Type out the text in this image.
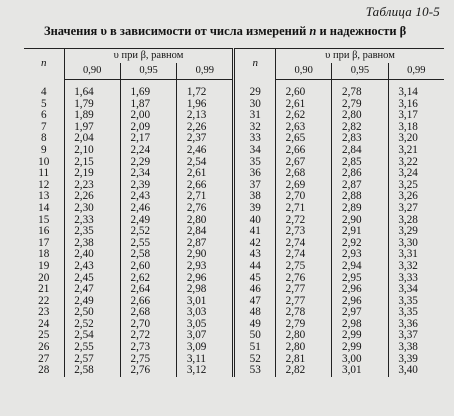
Таблица 10-5
Значения υ в зависимости от числа измерений n и надежности β
n	υ при β, равном			n	υ при β, равном		
	0,90	0,95	0,99		0,90	0,95	0,99

4	1,64	1,69	1,72	29	2,60	2,78	3,14
5	1,79	1,87	1,96	30	2,61	2,79	3,16
6	1,89	2,00	2,13	31	2,62	2,80	3,17
7	1,97	2,09	2,26	32	2,63	2,82	3,18
8	2,04	2,17	2,37	33	2,65	2,83	3,20
9	2,10	2,24	2,46	34	2,66	2,84	3,21
10	2,15	2,29	2,54	35	2,67	2,85	3,22
11	2,19	2,34	2,61	36	2,68	2,86	3,24
12	2,23	2,39	2,66	37	2,69	2,87	3,25
13	2,26	2,43	2,71	38	2,70	2,88	3,26
14	2,30	2,46	2,76	39	2,71	2,89	3,27
15	2,33	2,49	2,80	40	2,72	2,90	3,28
16	2,35	2,52	2,84	41	2,73	2,91	3,29
17	2,38	2,55	2,87	42	2,74	2,92	3,30
18	2,40	2,58	2,90	43	2,74	2,93	3,31
19	2,43	2,60	2,93	44	2,75	2,94	3,32
20	2,45	2,62	2,96	45	2,76	2,95	3,33
21	2,47	2,64	2,98	46	2,77	2,96	3,34
22	2,49	2,66	3,01	47	2,77	2,96	3,35
23	2,50	2,68	3,03	48	2,78	2,97	3,35
24	2,52	2,70	3,05	49	2,79	2,98	3,36
25	2,54	2,72	3,07	50	2,80	2,99	3,37
26	2,55	2,73	3,09	51	2,80	2,99	3,38
27	2,57	2,75	3,11	52	2,81	3,00	3,39
28	2,58	2,76	3,12	53	2,82	3,01	3,40
